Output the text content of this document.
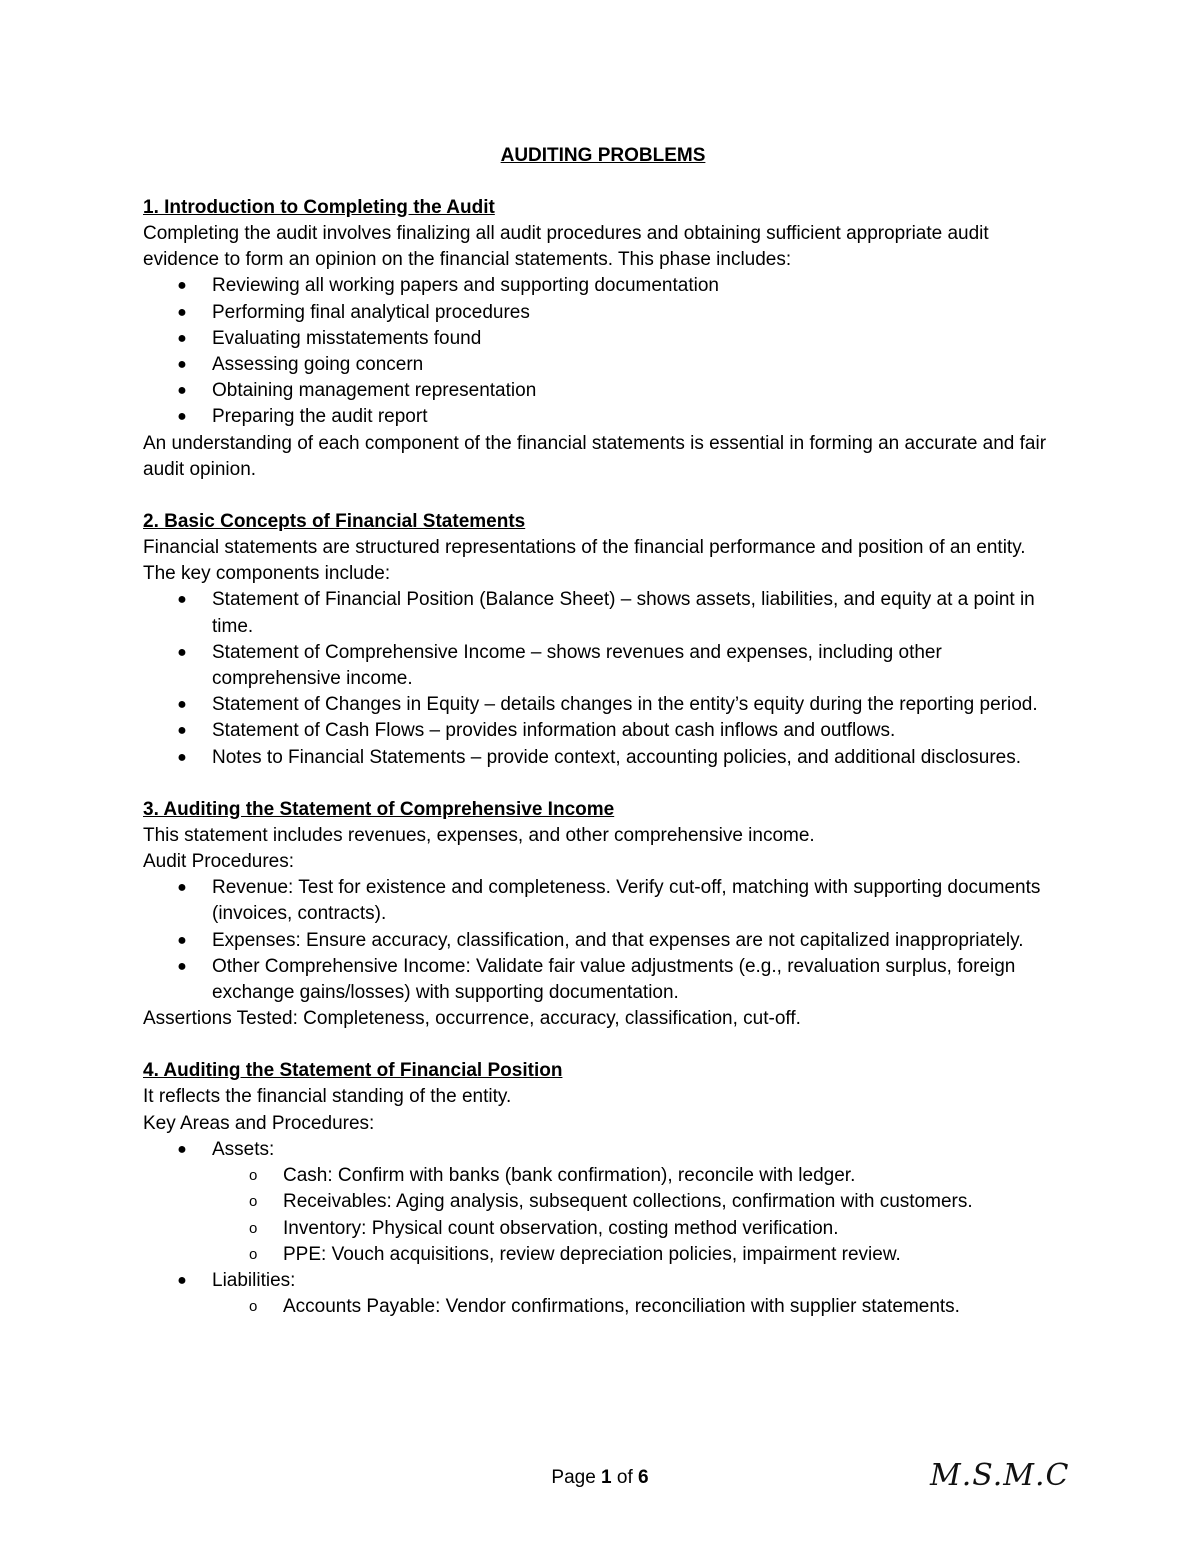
AUDITING PROBLEMS

1. Introduction to Completing the Audit

Completing the audit involves finalizing all audit procedures and obtaining sufficient appropriate audit evidence to form an opinion on the financial statements. This phase includes:

● Reviewing all working papers and supporting documentation
● Performing final analytical procedures
● Evaluating misstatements found
● Assessing going concern
● Obtaining management representation
● Preparing the audit report

An understanding of each component of the financial statements is essential in forming an accurate and fair audit opinion.

2. Basic Concepts of Financial Statements

Financial statements are structured representations of the financial performance and position of an entity. The key components include:

● Statement of Financial Position (Balance Sheet) – shows assets, liabilities, and equity at a point in time.
● Statement of Comprehensive Income – shows revenues and expenses, including other comprehensive income.
● Statement of Changes in Equity – details changes in the entity’s equity during the reporting period.
● Statement of Cash Flows – provides information about cash inflows and outflows.
● Notes to Financial Statements – provide context, accounting policies, and additional disclosures.

3. Auditing the Statement of Comprehensive Income

This statement includes revenues, expenses, and other comprehensive income.

Audit Procedures:

● Revenue: Test for existence and completeness. Verify cut-off, matching with supporting documents (invoices, contracts).
● Expenses: Ensure accuracy, classification, and that expenses are not capitalized inappropriately.
● Other Comprehensive Income: Validate fair value adjustments (e.g., revaluation surplus, foreign exchange gains/losses) with supporting documentation.

Assertions Tested: Completeness, occurrence, accuracy, classification, cut-off.

4. Auditing the Statement of Financial Position

It reflects the financial standing of the entity.

Key Areas and Procedures:

● Assets:
o Cash: Confirm with banks (bank confirmation), reconcile with ledger.
o Receivables: Aging analysis, subsequent collections, confirmation with customers.
o Inventory: Physical count observation, costing method verification.
o PPE: Vouch acquisitions, review depreciation policies, impairment review.
● Liabilities:
o Accounts Payable: Vendor confirmations, reconciliation with supplier statements.
Page 1 of 6	M.S.M.C
